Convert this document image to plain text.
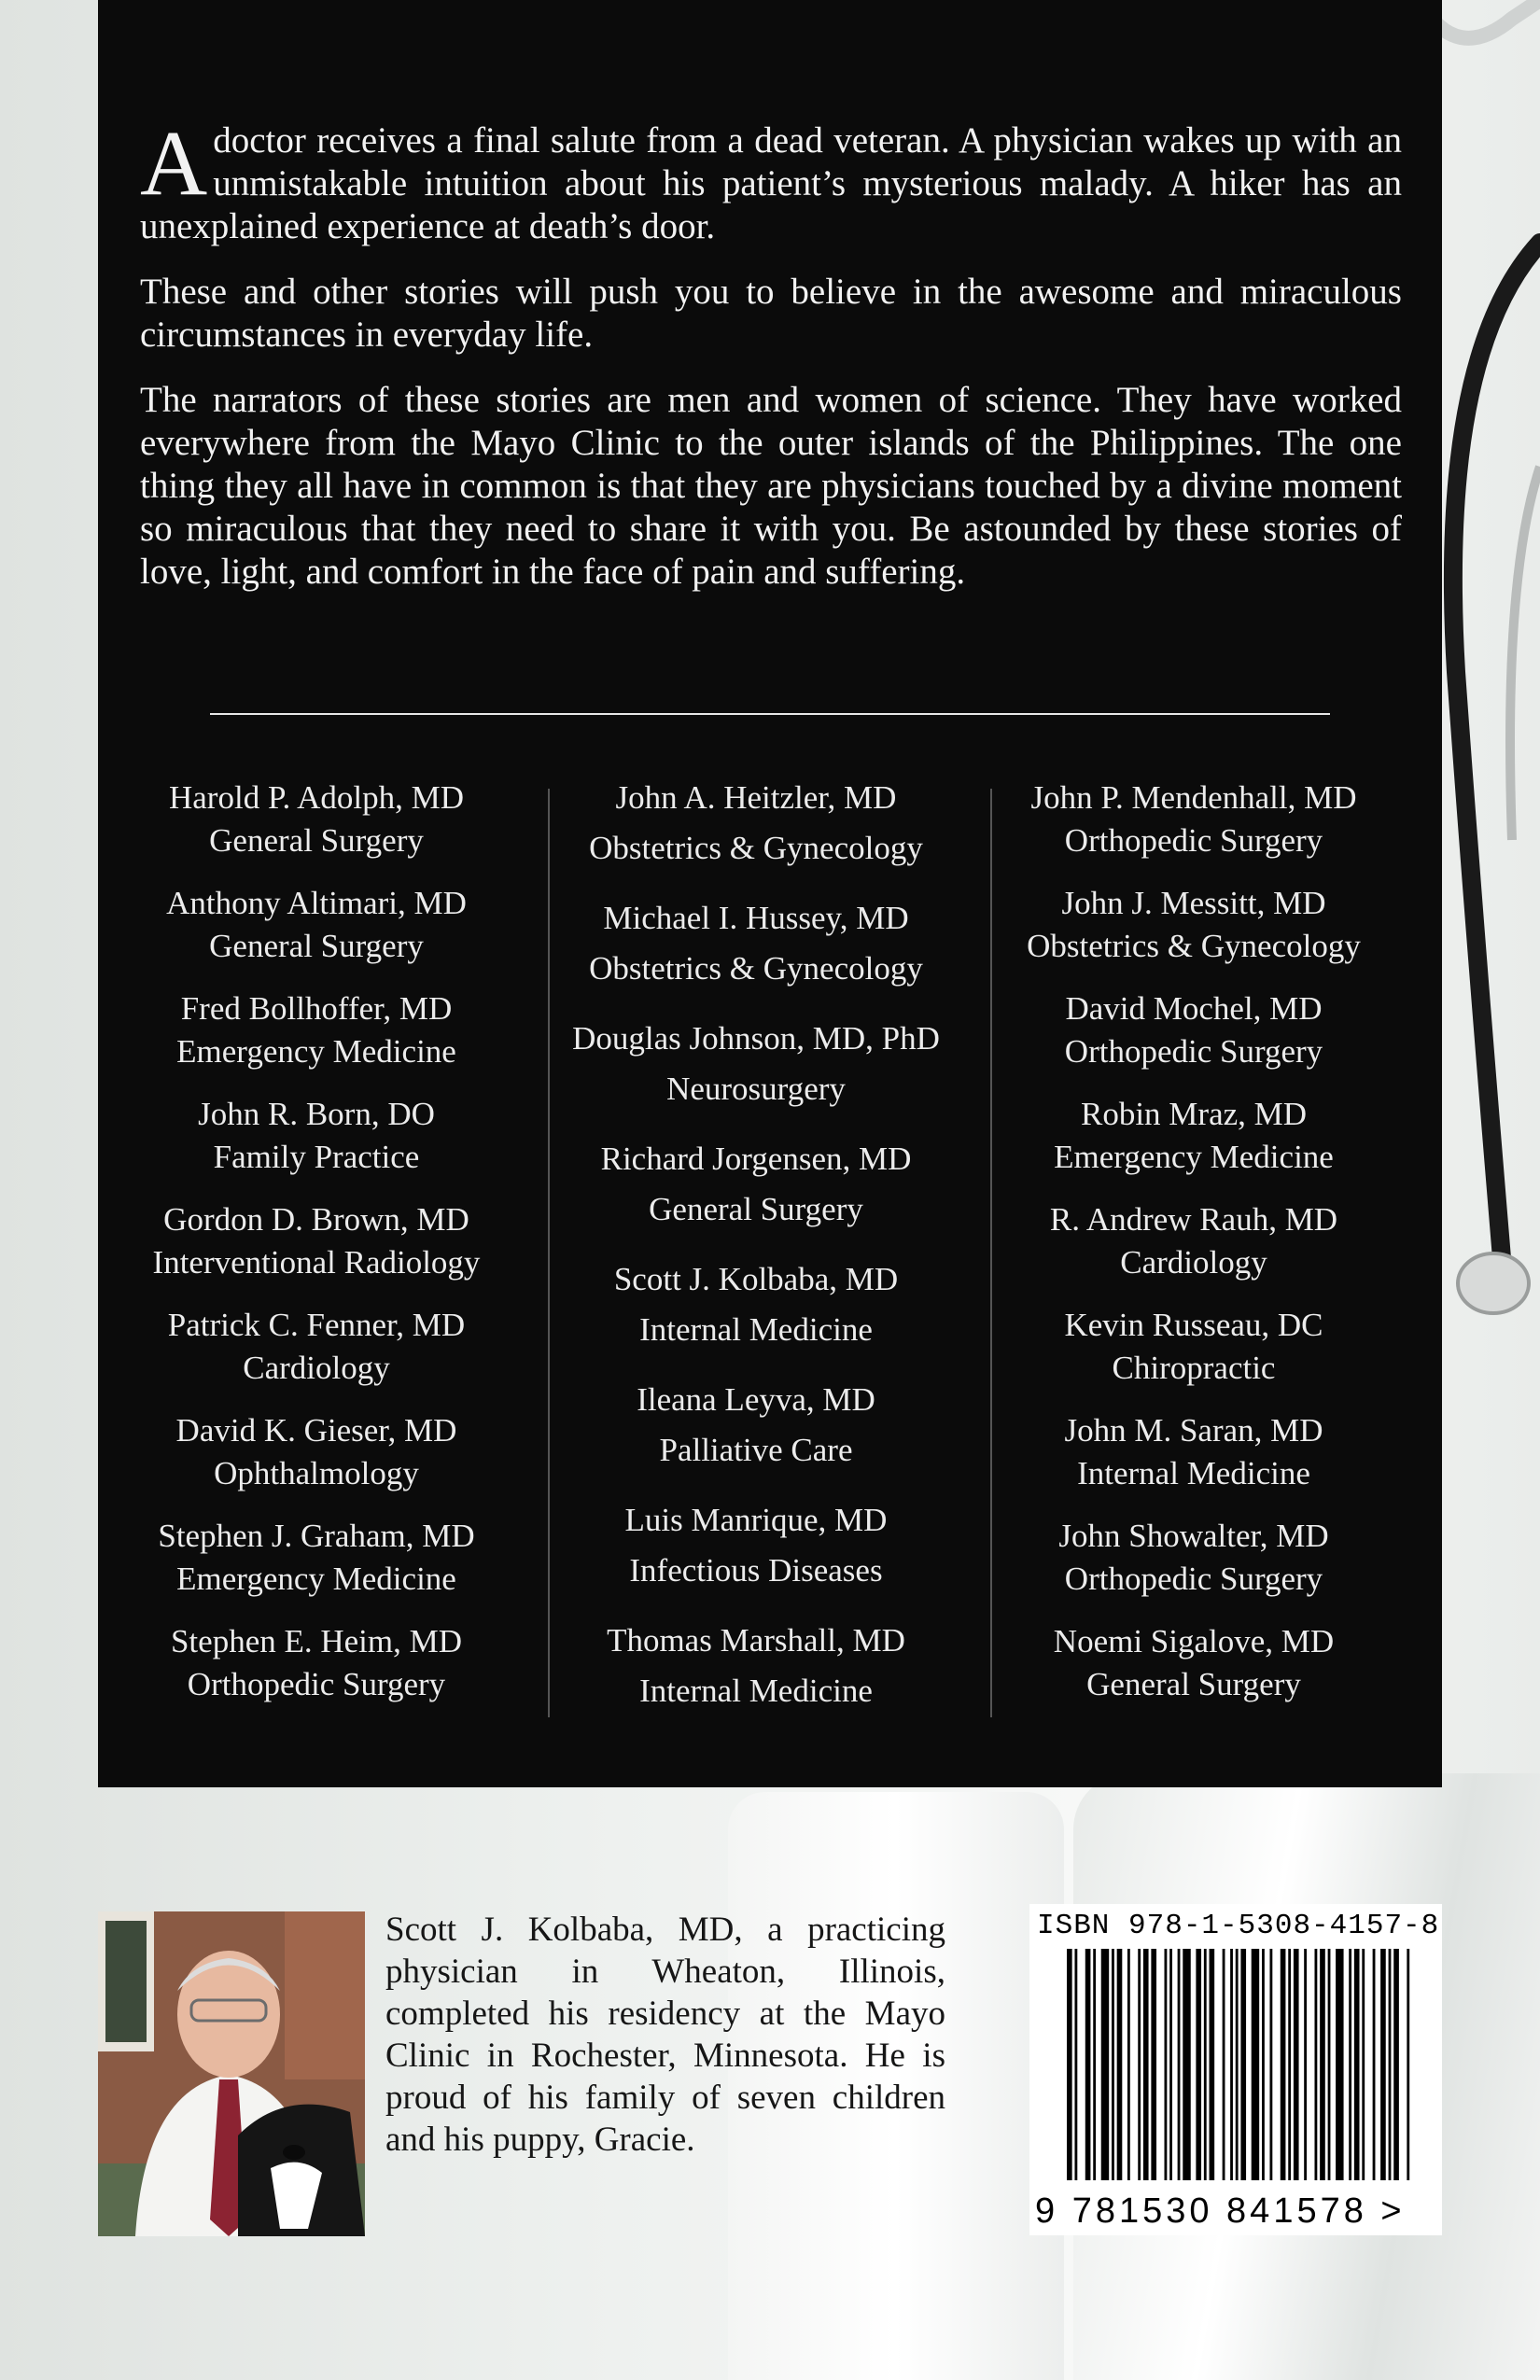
A doctor receives a final salute from a dead veteran. A physician wakes up with an unmistakable intuition about his patient’s mysterious malady. A hiker has an unexplained experience at death’s door.

These and other stories will push you to believe in the awesome and miraculous circumstances in everyday life.

The narrators of these stories are men and women of science. They have worked everywhere from the Mayo Clinic to the outer islands of the Philippines. The one thing they all have in common is that they are physicians touched by a divine moment so miraculous that they need to share it with you. Be astounded by these stories of love, light, and comfort in the face of pain and suffering.

Harold P. Adolph, MD
General Surgery
Anthony Altimari, MD
General Surgery
Fred Bollhoffer, MD
Emergency Medicine
John R. Born, DO
Family Practice
Gordon D. Brown, MD
Interventional Radiology
Patrick C. Fenner, MD
Cardiology
David K. Gieser, MD
Ophthalmology
Stephen J. Graham, MD
Emergency Medicine
Stephen E. Heim, MD
Orthopedic Surgery
John A. Heitzler, MD
Obstetrics & Gynecology
Michael I. Hussey, MD
Obstetrics & Gynecology
Douglas Johnson, MD, PhD
Neurosurgery
Richard Jorgensen, MD
General Surgery
Scott J. Kolbaba, MD
Internal Medicine
Ileana Leyva, MD
Palliative Care
Luis Manrique, MD
Infectious Diseases
Thomas Marshall, MD
Internal Medicine
John P. Mendenhall, MD
Orthopedic Surgery
John J. Messitt, MD
Obstetrics & Gynecology
David Mochel, MD
Orthopedic Surgery
Robin Mraz, MD
Emergency Medicine
R. Andrew Rauh, MD
Cardiology
Kevin Russeau, DC
Chiropractic
John M. Saran, MD
Internal Medicine
John Showalter, MD
Orthopedic Surgery
Noemi Sigalove, MD
General Surgery
Scott J. Kolbaba, MD, a practicing physician in Wheaton, Illinois, completed his residency at the Mayo Clinic in Rochester, Minnesota. He is proud of his family of seven children and his puppy, Gracie.
ISBN 978-1-5308-4157-8
9 781530 841578 >
